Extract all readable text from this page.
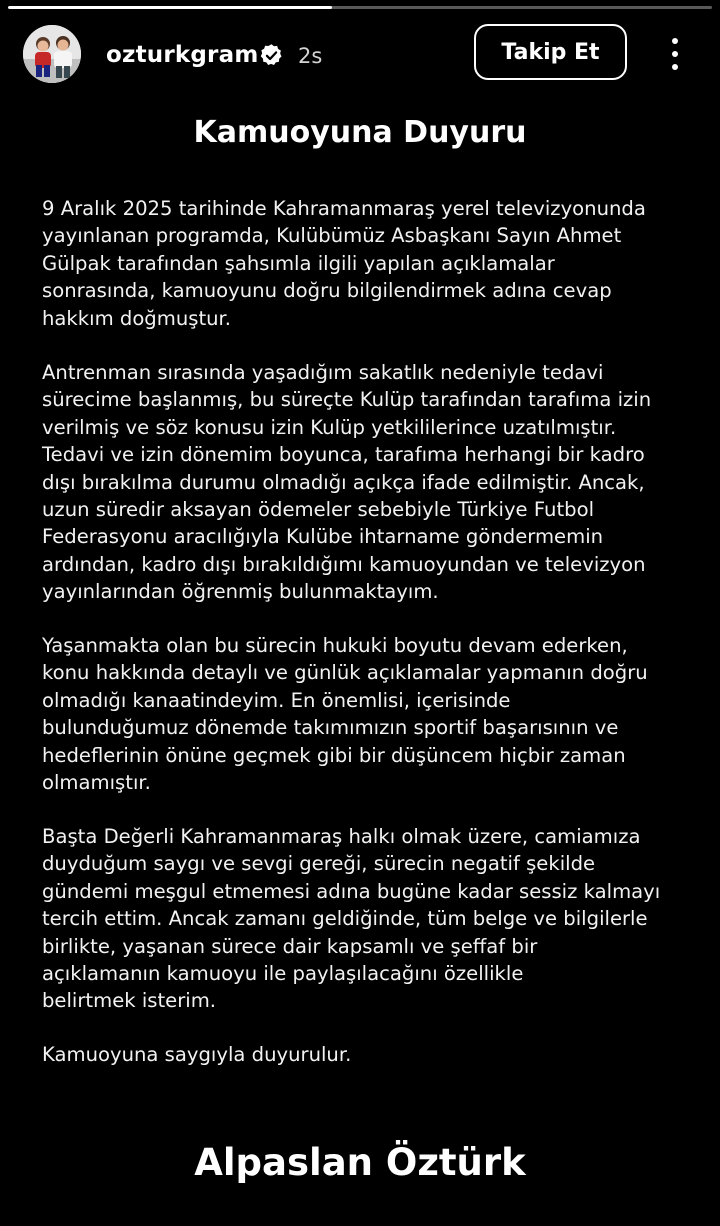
ozturkgram 2s	Takip Et
Kamuoyuna Duyuru
9 Aralık 2025 tarihinde Kahramanmaraş yerel televizyonunda
yayınlanan programda, Kulübümüz Asbaşkanı Sayın Ahmet
Gülpak tarafından şahsımla ilgili yapılan açıklamalar
sonrasında, kamuoyunu doğru bilgilendirmek adına cevap
hakkım doğmuştur.
Antrenman sırasında yaşadığım sakatlık nedeniyle tedavi
sürecime başlanmış, bu süreçte Kulüp tarafından tarafıma izin
verilmiş ve söz konusu izin Kulüp yetkililerince uzatılmıştır.
Tedavi ve izin dönemim boyunca, tarafıma herhangi bir kadro
dışı bırakılma durumu olmadığı açıkça ifade edilmiştir. Ancak,
uzun süredir aksayan ödemeler sebebiyle Türkiye Futbol
Federasyonu aracılığıyla Kulübe ihtarname göndermemin
ardından, kadro dışı bırakıldığımı kamuoyundan ve televizyon
yayınlarından öğrenmiş bulunmaktayım.
Yaşanmakta olan bu sürecin hukuki boyutu devam ederken,
konu hakkında detaylı ve günlük açıklamalar yapmanın doğru
olmadığı kanaatindeyim. En önemlisi, içerisinde
bulunduğumuz dönemde takımımızın sportif başarısının ve
hedeflerinin önüne geçmek gibi bir düşüncem hiçbir zaman
olmamıştır.
Başta Değerli Kahramanmaraş halkı olmak üzere, camiamıza
duyduğum saygı ve sevgi gereği, sürecin negatif şekilde
gündemi meşgul etmemesi adına bugüne kadar sessiz kalmayı
tercih ettim. Ancak zamanı geldiğinde, tüm belge ve bilgilerle
birlikte, yaşanan sürece dair kapsamlı ve şeffaf bir
açıklamanın kamuoyu ile paylaşılacağını özellikle
belirtmek isterim.
Kamuoyuna saygıyla duyurulur.
Alpaslan Öztürk
